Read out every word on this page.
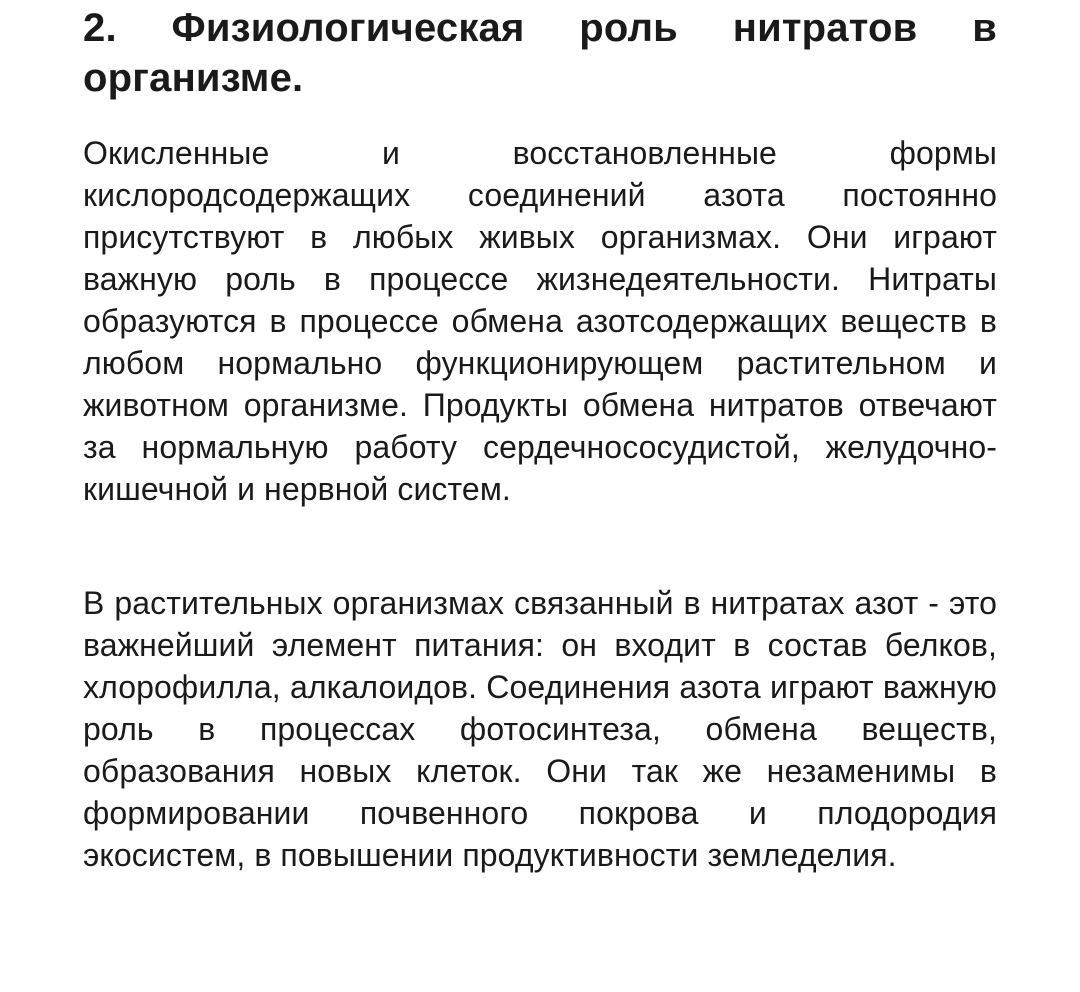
2. Физиологическая роль нитратов в организме.

Окисленные и восстановленные формы кислородсодержащих соединений азота постоянно присутствуют в любых живых организмах. Они играют важную роль в процессе жизнедеятельности. Нитраты образуются в процессе обмена азотсодержащих веществ в любом нормально функционирующем растительном и животном организме. Продукты обмена нитратов отвечают за нормальную работу сердечнососудистой, желудочно-кишечной и нервной систем.

В растительных организмах связанный в нитратах азот - это важнейший элемент питания: он входит в состав белков, хлорофилла, алкалоидов. Соединения азота играют важную роль в процессах фотосинтеза, обмена веществ, образования новых клеток. Они так же незаменимы в формировании почвенного покрова и плодородия экосистем, в повышении продуктивности земледелия.
